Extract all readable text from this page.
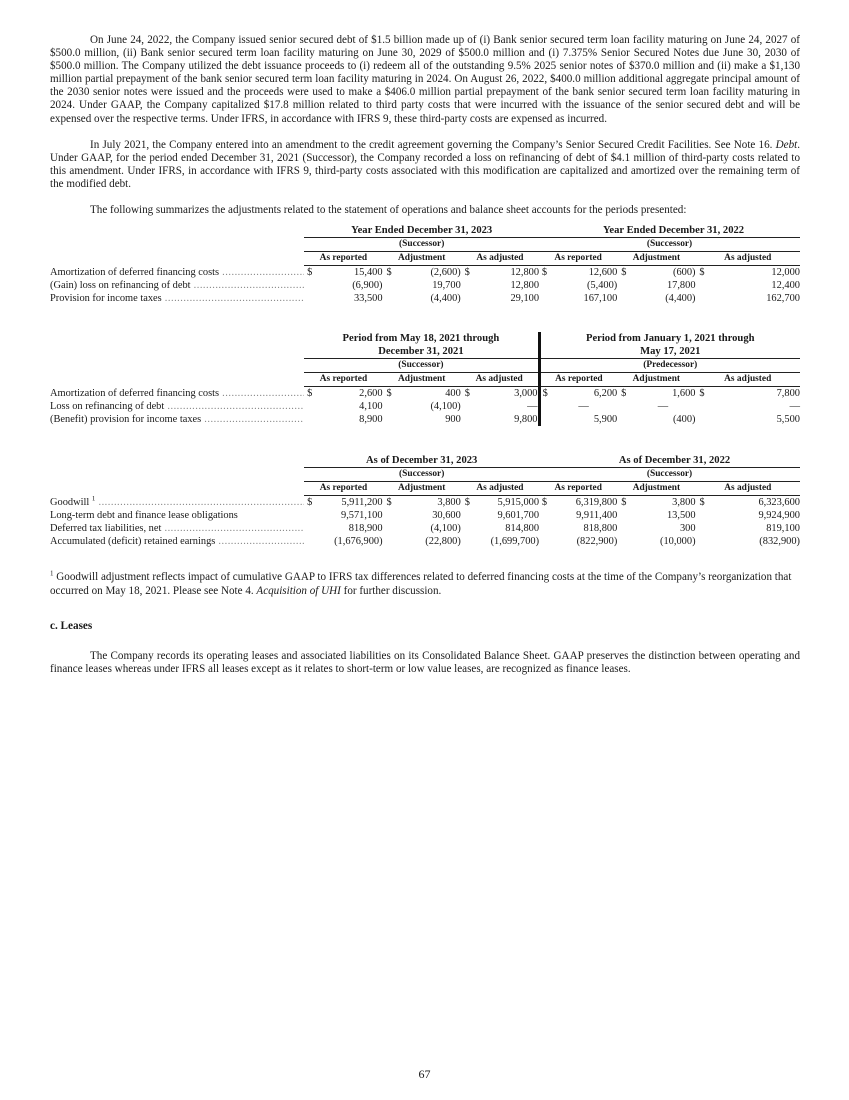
On June 24, 2022, the Company issued senior secured debt of $1.5 billion made up of (i) Bank senior secured term loan facility maturing on June 24, 2027 of $500.0 million, (ii) Bank senior secured term loan facility maturing on June 30, 2029 of $500.0 million and (i) 7.375% Senior Secured Notes due June 30, 2030 of $500.0 million. The Company utilized the debt issuance proceeds to (i) redeem all of the outstanding 9.5% 2025 senior notes of $370.0 million and (ii) make a $1,130 million partial prepayment of the bank senior secured term loan facility maturing in 2024. On August 26, 2022, $400.0 million additional aggregate principal amount of the 2030 senior notes were issued and the proceeds were used to make a $406.0 million partial prepayment of the bank senior secured term loan facility maturing in 2024. Under GAAP, the Company capitalized $17.8 million related to third party costs that were incurred with the issuance of the senior secured debt and will be expensed over the respective terms. Under IFRS, in accordance with IFRS 9, these third-party costs are expensed as incurred.

In July 2021, the Company entered into an amendment to the credit agreement governing the Company’s Senior Secured Credit Facilities. See Note 16. Debt. Under GAAP, for the period ended December 31, 2021 (Successor), the Company recorded a loss on refinancing of debt of $4.1 million of third-party costs related to this amendment. Under IFRS, in accordance with IFRS 9, third-party costs associated with this modification are capitalized and amortized over the remaining term of the modified debt.

The following summarizes the adjustments related to the statement of operations and balance sheet accounts for the periods presented:

	Year Ended December 31, 2023						Year Ended December 31, 2022					
	(Successor)						(Successor)					
	As reported		Adjustment		As adjusted		As reported		Adjustment		As adjusted	
Amortization of deferred financing costs .....	$	15,400	$	(2,600)	$	12,800	$	12,600	$	(600)	$	12,000
(Gain) loss on refinancing of debt .....		(6,900)		19,700		12,800		(5,400)		17,800		12,400
Provision for income taxes .....		33,500		(4,400)		29,100		167,100		(4,400)		162,700
	Period from May 18, 2021 through						Period from January 1, 2021 through					
	December 31, 2021						May 17, 2021					
	(Successor)						(Predecessor)					
	As reported		Adjustment		As adjusted		As reported		Adjustment		As adjusted	
Amortization of deferred financing costs .....	$	2,600	$	400	$	3,000	$	6,200	$	1,600	$	7,800
Loss on refinancing of debt .....		4,100		(4,100)		—		—		—		—
(Benefit) provision for income taxes .....		8,900		900		9,800		5,900		(400)		5,500
	As of December 31, 2023						As of December 31, 2022					
	(Successor)						(Successor)					
	As reported		Adjustment		As adjusted		As reported		Adjustment		As adjusted	
Goodwill $^1$ .....	$	5,911,200	$	3,800	$	5,915,000	$	6,319,800	$	3,800	$	6,323,600
Long-term debt and finance lease obligations		9,571,100		30,600		9,601,700		9,911,400		13,500		9,924,900
Deferred tax liabilities, net .....		818,900		(4,100)		814,800		818,800		300		819,100
Accumulated (deficit) retained earnings .....		(1,676,900)		(22,800)		(1,699,700)		(822,900)		(10,000)		(832,900)

$^1$ Goodwill adjustment reflects impact of cumulative GAAP to IFRS tax differences related to deferred financing costs at the time of the Company’s reorganization that occurred on May 18, 2021. Please see Note 4. Acquisition of UHI for further discussion.

c. Leases

The Company records its operating leases and associated liabilities on its Consolidated Balance Sheet. GAAP preserves the distinction between operating and finance leases whereas under IFRS all leases except as it relates to short-term or low value leases, are recognized as finance leases.

67
